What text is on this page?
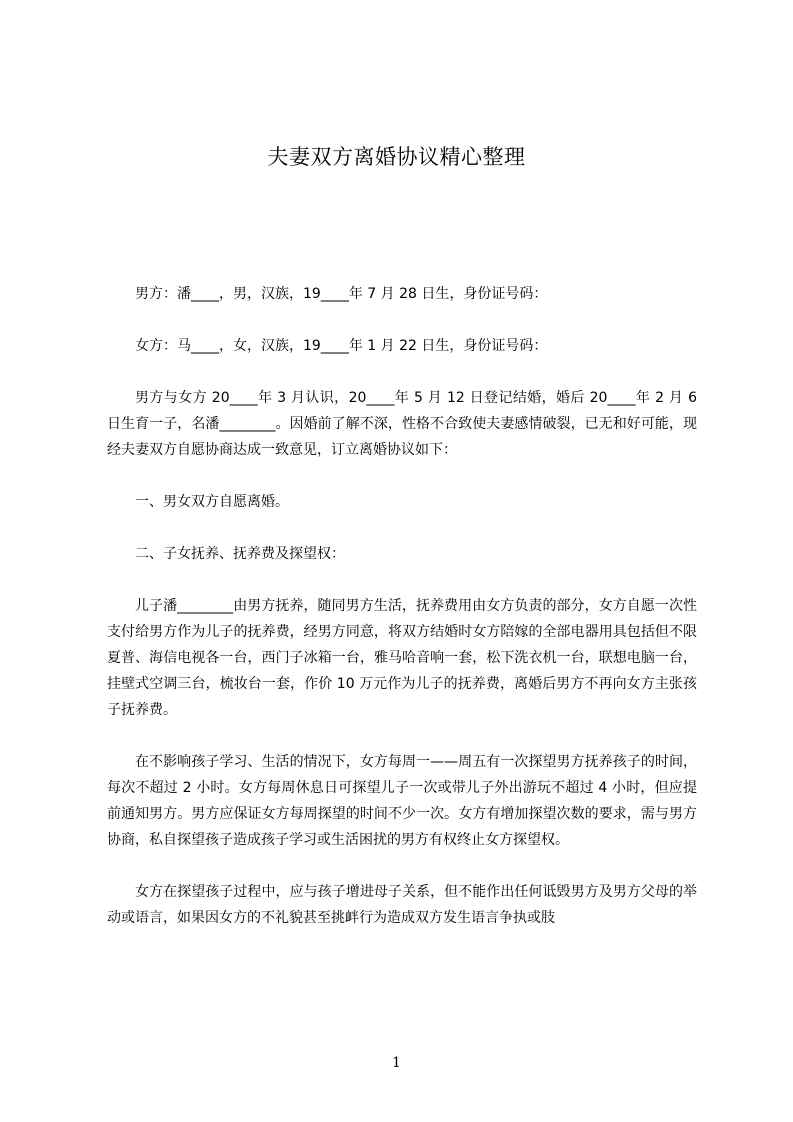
夫妻双方离婚协议精心整理

男方：潘____，男，汉族，19____年 7 月 28 日生，身份证号码：

女方：马____，女，汉族，19____年 1 月 22 日生，身份证号码：

男方与女方 20____年 3 月认识，20____年 5 月 12 日登记结婚，婚后 20____年 2 月 6 日生育一子，名潘________。因婚前了解不深，性格不合致使夫妻感情破裂，已无和好可能，现经夫妻双方自愿协商达成一致意见，订立离婚协议如下：

一、男女双方自愿离婚。

二、子女抚养、抚养费及探望权：

儿子潘________由男方抚养，随同男方生活，抚养费用由女方负责的部分，女方自愿一次性支付给男方作为儿子的抚养费，经男方同意，将双方结婚时女方陪嫁的全部电器用具包括但不限夏普、海信电视各一台，西门子冰箱一台，雅马哈音响一套，松下洗衣机一台，联想电脑一台，挂壁式空调三台，梳妆台一套，作价 10 万元作为儿子的抚养费，离婚后男方不再向女方主张孩子抚养费。

在不影响孩子学习、生活的情况下，女方每周一——周五有一次探望男方抚养孩子的时间，每次不超过 2 小时。女方每周休息日可探望儿子一次或带儿子外出游玩不超过 4 小时，但应提前通知男方。男方应保证女方每周探望的时间不少一次。女方有增加探望次数的要求，需与男方协商，私自探望孩子造成孩子学习或生活困扰的男方有权终止女方探望权。

女方在探望孩子过程中，应与孩子增进母子关系，但不能作出任何诋毁男方及男方父母的举动或语言，如果因女方的不礼貌甚至挑衅行为造成双方发生语言争执或肢

1
